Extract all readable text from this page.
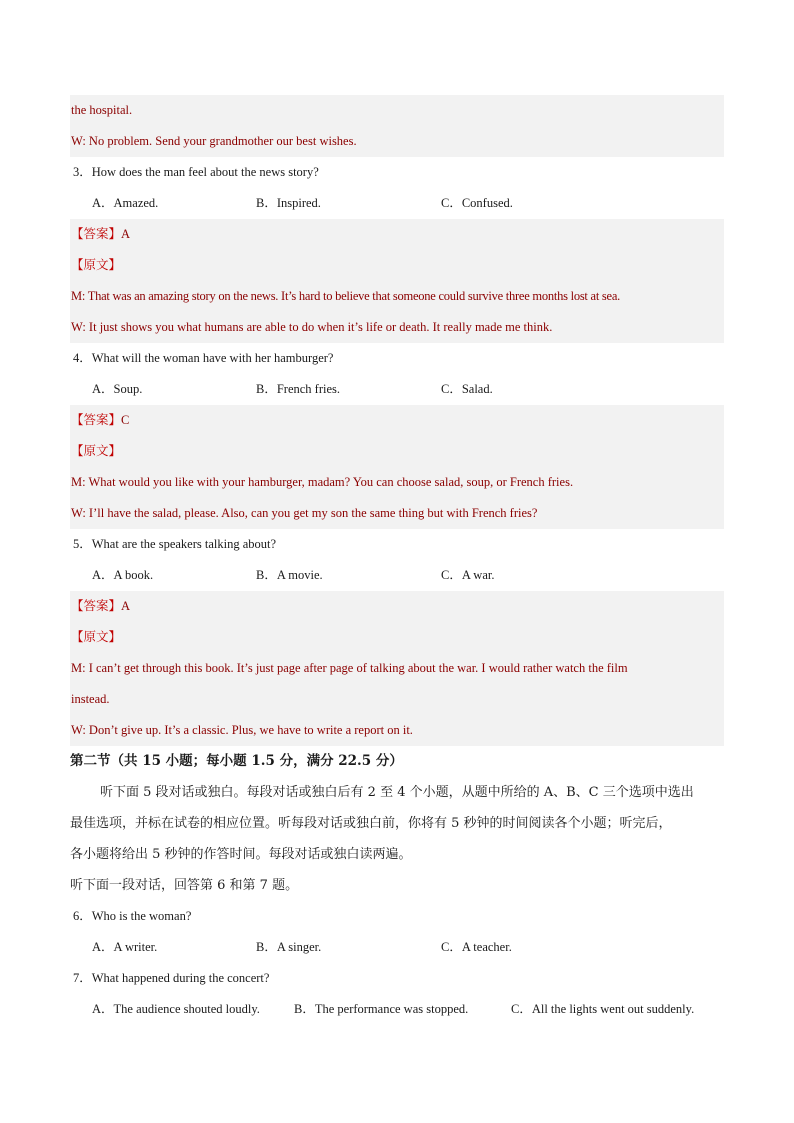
the hospital.
W: No problem. Send your grandmother our best wishes.
3．How does the man feel about the news story?
A．Amazed.	B．Inspired.	C．Confused.
【答案】A
【原文】
M: That was an amazing story on the news. It’s hard to believe that someone could survive three months lost at sea.
W: It just shows you what humans are able to do when it’s life or death. It really made me think.
4．What will the woman have with her hamburger?
A．Soup.	B．French fries.	C．Salad.
【答案】C
【原文】
M: What would you like with your hamburger, madam? You can choose salad, soup, or French fries.
W: I’ll have the salad, please. Also, can you get my son the same thing but with French fries?
5．What are the speakers talking about?
A．A book.	B．A movie.	C．A war.
【答案】A
【原文】
M: I can’t get through this book. It’s just page after page of talking about the war. I would rather watch the film
instead.
W: Don’t give up. It’s a classic. Plus, we have to write a report on it.
第二节（共 15 小题；每小题 1.5 分，满分 22.5 分）
听下面 5 段对话或独白。每段对话或独白后有 2 至 4 个小题，从题中所给的 A、B、C 三个选项中选出
最佳选项，并标在试卷的相应位置。听每段对话或独白前，你将有 5 秒钟的时间阅读各个小题；听完后，
各小题将给出 5 秒钟的作答时间。每段对话或独白读两遍。
听下面一段对话，回答第 6 和第 7 题。
6．Who is the woman?
A．A writer.	B．A singer.	C．A teacher.
7．What happened during the concert?
A．The audience shouted loudly.	B．The performance was stopped.	C．All the lights went out suddenly.
